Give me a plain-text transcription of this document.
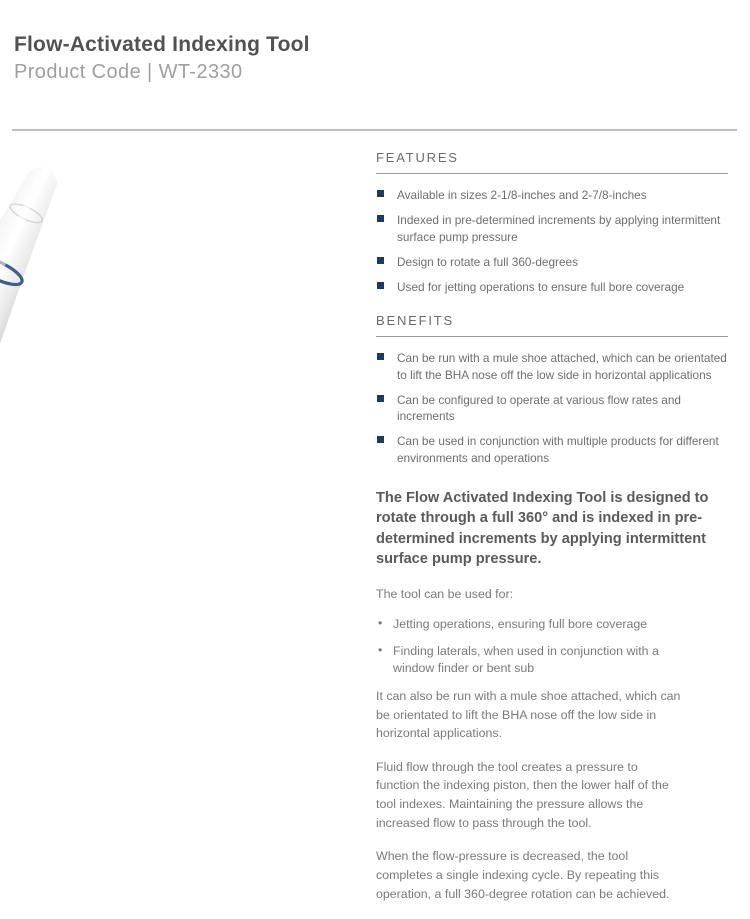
Flow-Activated Indexing Tool
Product Code | WT-2330
FEATURES
Available in sizes 2-1/8-inches and 2-7/8-inches
Indexed in pre-determined increments by applying intermittent surface pump pressure
Design to rotate a full 360-degrees
Used for jetting operations to ensure full bore coverage
BENEFITS
Can be run with a mule shoe attached, which can be orientated to lift the BHA nose off the low side in horizontal applications
Can be configured to operate at various flow rates and increments
Can be used in conjunction with multiple products for different environments and operations

The Flow Activated Indexing Tool is designed to rotate through a full 360° and is indexed in pre-determined increments by applying intermittent surface pump pressure.

The tool can be used for:

• Jetting operations, ensuring full bore coverage
• Finding laterals, when used in conjunction with a window finder or bent sub

It can also be run with a mule shoe attached, which can be orientated to lift the BHA nose off the low side in horizontal applications.

Fluid flow through the tool creates a pressure to function the indexing piston, then the lower half of the tool indexes. Maintaining the pressure allows the increased flow to pass through the tool.

When the flow-pressure is decreased, the tool completes a single indexing cycle. By repeating this operation, a full 360-degree rotation can be achieved.
